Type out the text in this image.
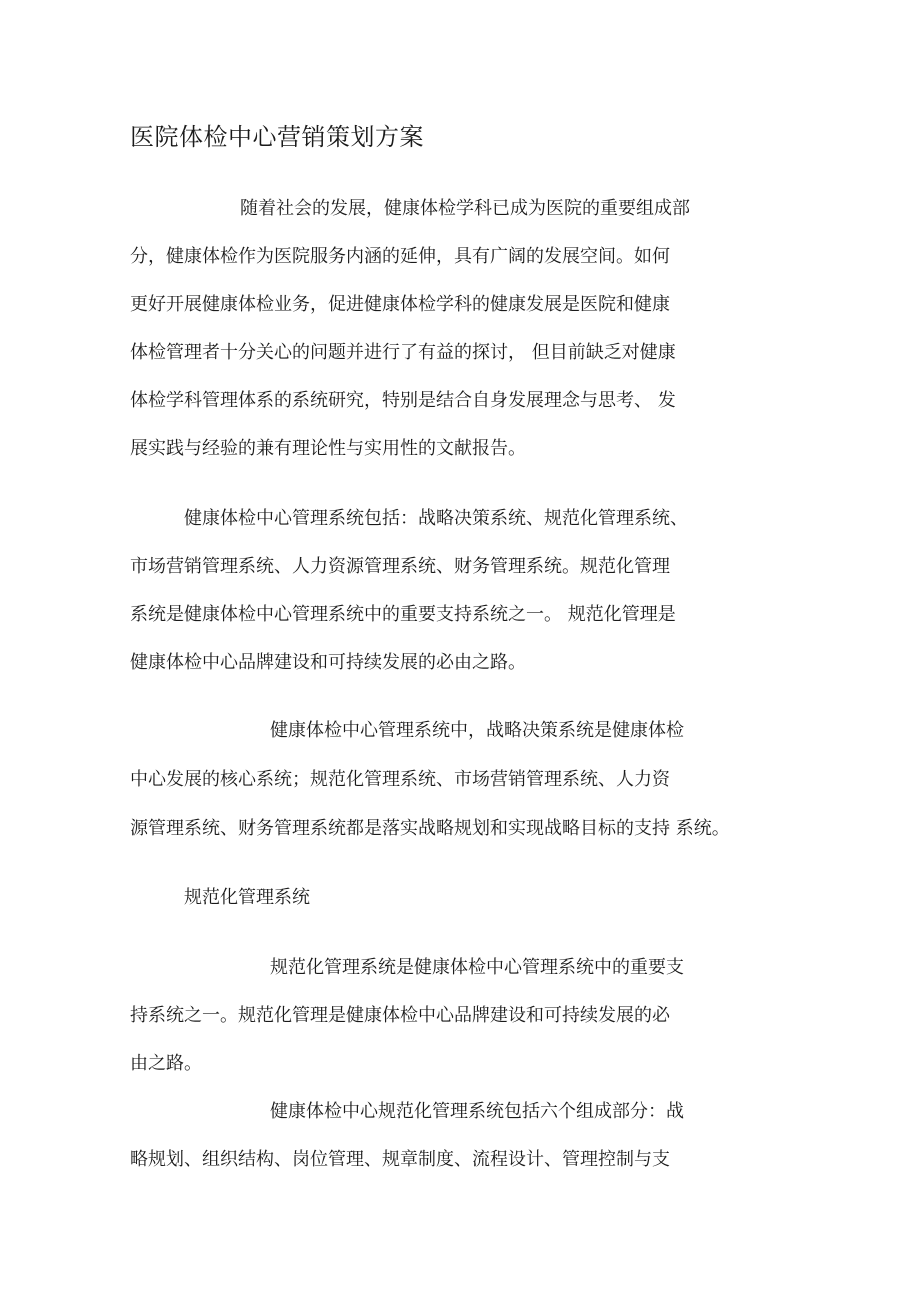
医院体检中心营销策划方案
随着社会的发展，健康体检学科已成为医院的重要组成部
分，健康体检作为医院服务内涵的延伸，具有广阔的发展空间。如何
更好开展健康体检业务，促进健康体检学科的健康发展是医院和健康
体检管理者十分关心的问题并进行了有益的探讨， 但目前缺乏对健康
体检学科管理体系的系统研究，特别是结合自身发展理念与思考、 发
展实践与经验的兼有理论性与实用性的文献报告。
健康体检中心管理系统包括：战略决策系统、规范化管理系统、
市场营销管理系统、人力资源管理系统、财务管理系统。规范化管理
系统是健康体检中心管理系统中的重要支持系统之一。 规范化管理是
健康体检中心品牌建设和可持续发展的必由之路。
健康体检中心管理系统中，战略决策系统是健康体检
中心发展的核心系统；规范化管理系统、市场营销管理系统、人力资
源管理系统、财务管理系统都是落实战略规划和实现战略目标的支持 系统。
规范化管理系统
规范化管理系统是健康体检中心管理系统中的重要支
持系统之一。规范化管理是健康体检中心品牌建设和可持续发展的必
由之路。
健康体检中心规范化管理系统包括六个组成部分：战
略规划、组织结构、岗位管理、规章制度、流程设计、管理控制与支
